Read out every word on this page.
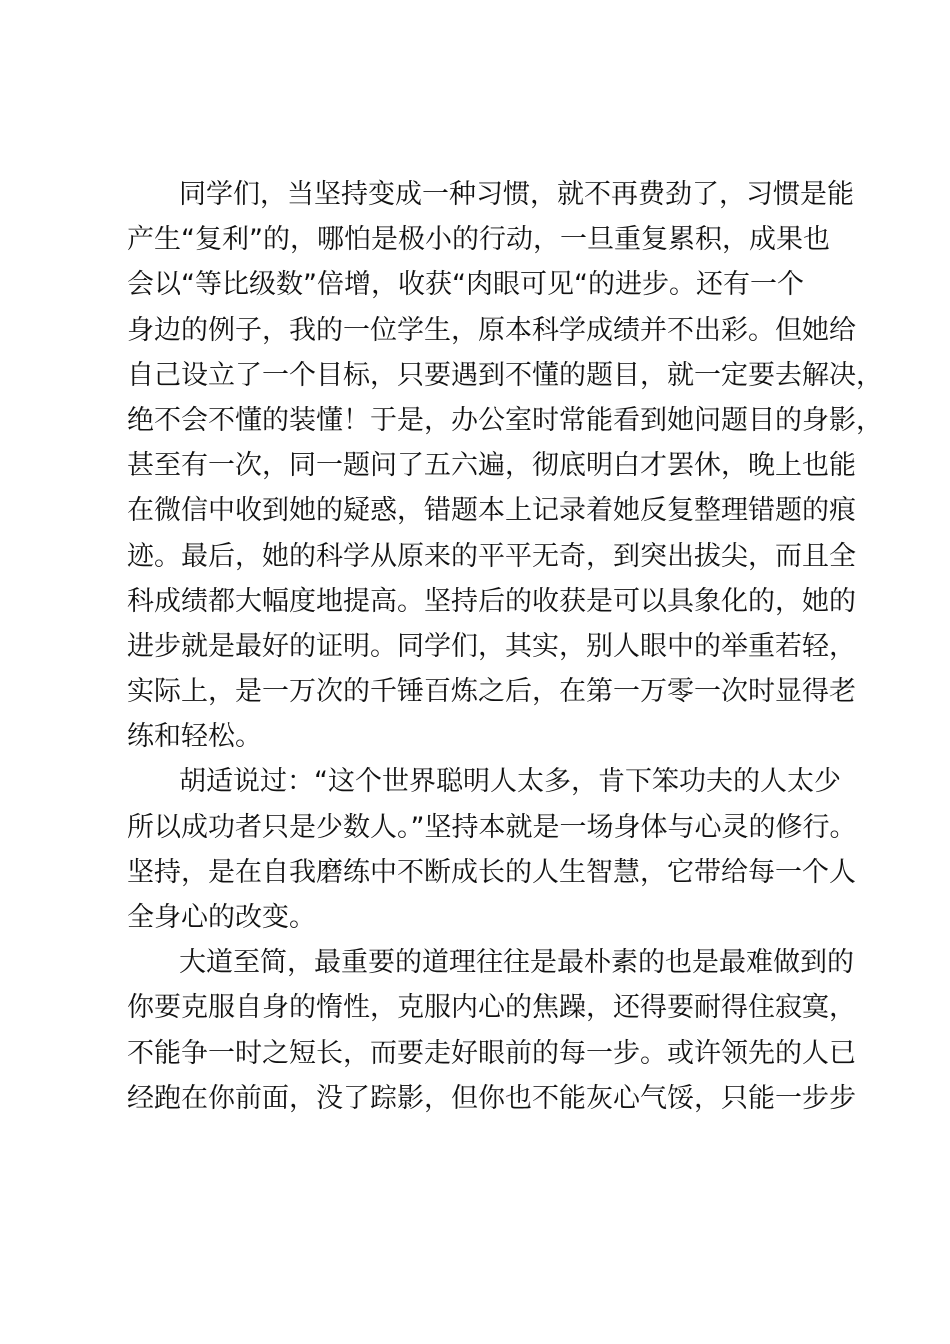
同学们，当坚持变成一种习惯，就不再费劲了，习惯是能
产生“复利”的，哪怕是极小的行动，一旦重复累积，成果也
会以“等比级数”倍增，收获“肉眼可见“的进步。还有一个
身边的例子，我的一位学生，原本科学成绩并不出彩。但她给
自己设立了一个目标，只要遇到不懂的题目，就一定要去解决，
绝不会不懂的装懂！于是，办公室时常能看到她问题目的身影，
甚至有一次，同一题问了五六遍，彻底明白才罢休，晚上也能
在微信中收到她的疑惑，错题本上记录着她反复整理错题的痕
迹。最后，她的科学从原来的平平无奇，到突出拔尖，而且全
科成绩都大幅度地提高。坚持后的收获是可以具象化的，她的
进步就是最好的证明。同学们，其实，别人眼中的举重若轻，
实际上，是一万次的千锤百炼之后，在第一万零一次时显得老
练和轻松。
胡适说过：“这个世界聪明人太多，肯下笨功夫的人太少
所以成功者只是少数人。”坚持本就是一场身体与心灵的修行。
坚持，是在自我磨练中不断成长的人生智慧，它带给每一个人
全身心的改变。
大道至简，最重要的道理往往是最朴素的也是最难做到的
你要克服自身的惰性，克服内心的焦躁，还得要耐得住寂寞，
不能争一时之短长，而要走好眼前的每一步。或许领先的人已
经跑在你前面，没了踪影，但你也不能灰心气馁，只能一步步
